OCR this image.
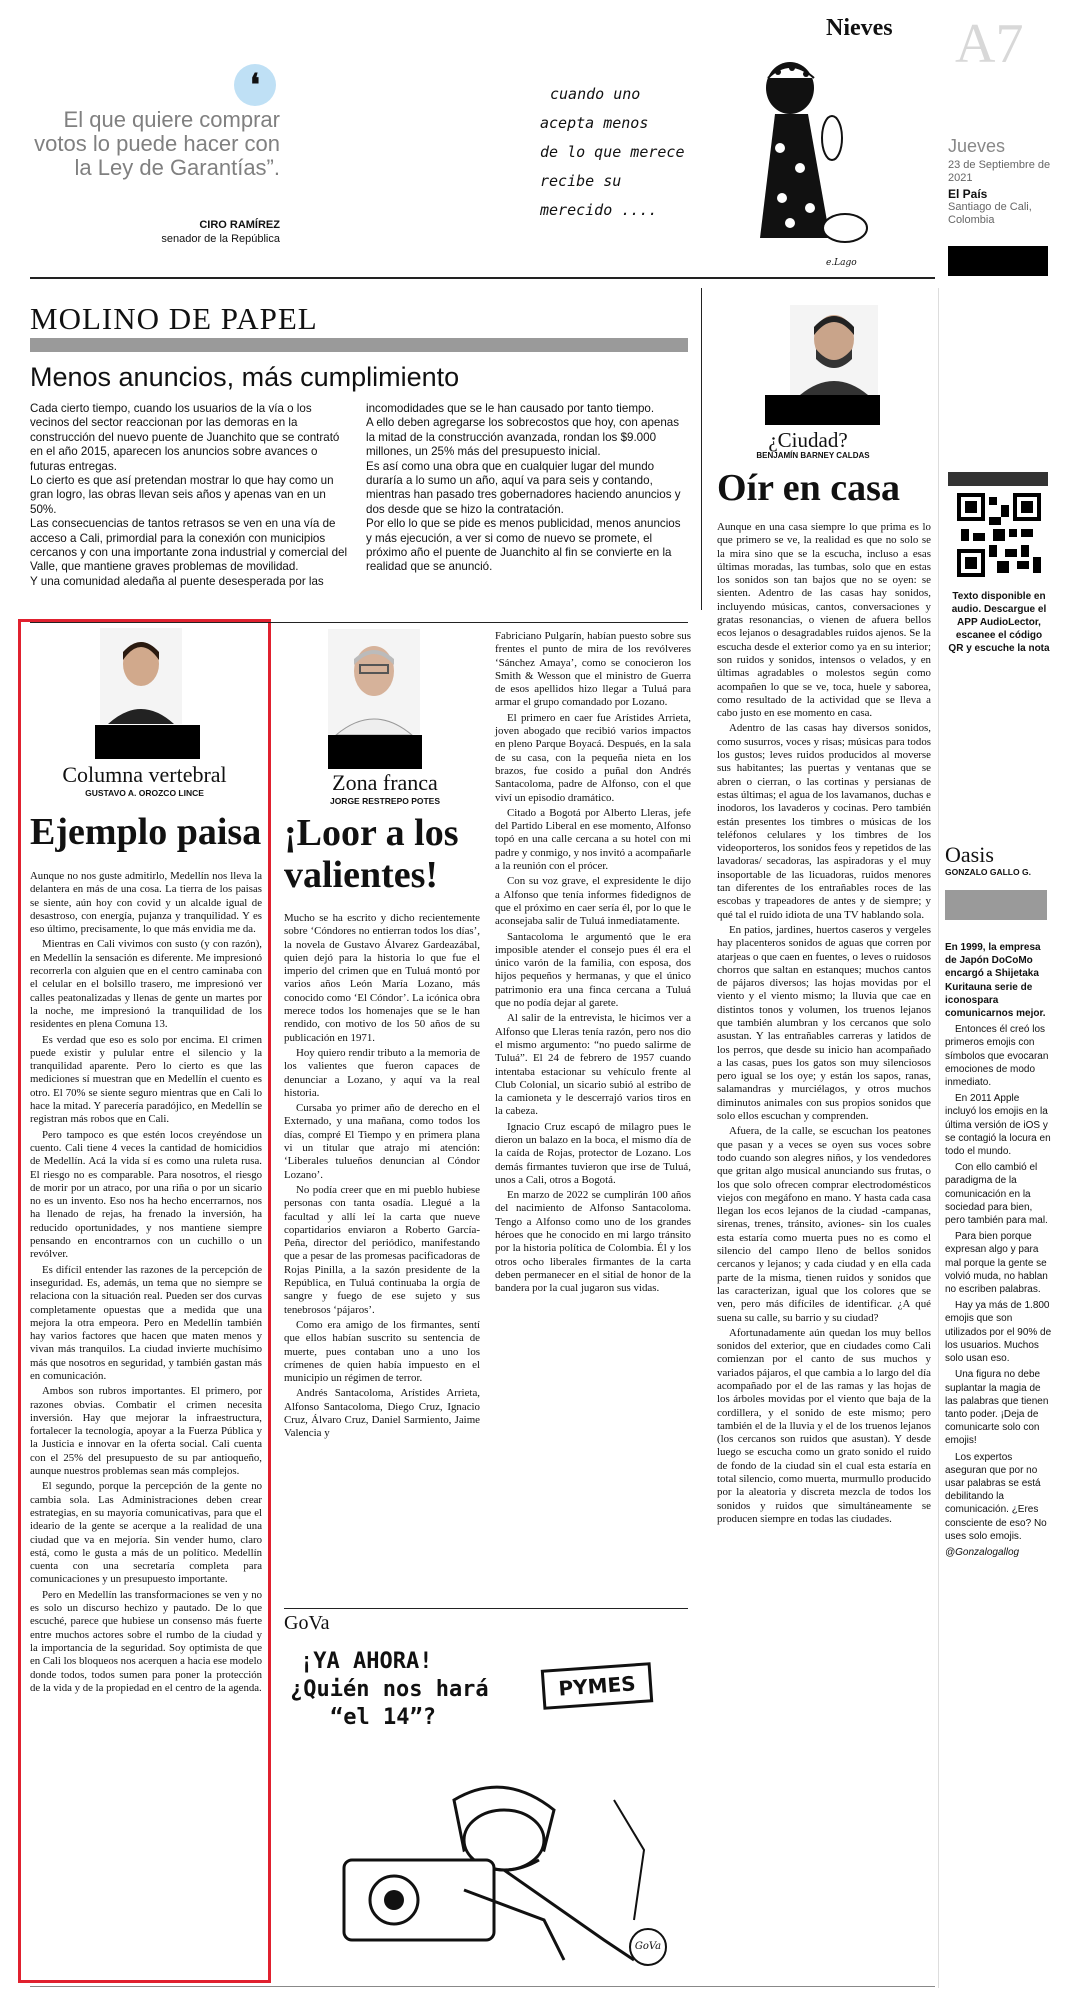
❛
El que quiere comprar votos lo puede hacer con la Ley de Garantías”.
CIRO RAMÍREZ
senador de la República
cuando uno
acepta menos
de lo que merece
recibe su
merecido ....
Nieves
e.Lago
A7
Jueves
23 de Septiembre de 2021
El País
Santiago de Cali, Colombia
MOLINO DE PAPEL
Menos anuncios, más cumplimiento
Cada cierto tiempo, cuando los usuarios de la vía o los vecinos del sector reaccionan por las demoras en la construcción del nuevo puente de Juanchito que se contrató en el año 2015, aparecen los anuncios sobre avances o futuras entregas.
Lo cierto es que así pretendan mostrar lo que hay como un gran logro, las obras llevan seis años y apenas van en un 50%.
Las consecuencias de tantos retrasos se ven en una vía de acceso a Cali, primordial para la conexión con municipios cercanos y con una importante zona industrial y comercial del Valle, que mantiene graves problemas de movilidad.
Y una comunidad aledaña al puente desesperada por las
incomodidades que se le han causado por tanto tiempo.
A ello deben agregarse los sobrecostos que hoy, con apenas la mitad de la construcción avanzada, rondan los $9.000 millones, un 25% más del presupuesto inicial.
Es así como una obra que en cualquier lugar del mundo duraría a lo sumo un año, aquí va para seis y contando, mientras han pasado tres gobernadores haciendo anuncios y dos desde que se hizo la contratación.
Por ello lo que se pide es menos publicidad, menos anuncios y más ejecución, a ver si como de nuevo se promete, el próximo año el puente de Juanchito al fin se convierte en la realidad que se anunció.
¿Ciudad?
BENJAMÍN BARNEY CALDAS
Oír en casa

Aunque en una casa siempre lo que prima es lo que primero se ve, la realidad es que no solo se la mira sino que se la escucha, incluso a esas últimas moradas, las tumbas, solo que en estas los sonidos son tan bajos que no se oyen: se sienten. Adentro de las casas hay sonidos, incluyendo músicas, cantos, conversaciones y gratas resonancias, o vienen de afuera bellos ecos lejanos o desagradables ruidos ajenos. Se la escucha desde el exterior como ya en su interior; son ruidos y sonidos, intensos o velados, y en últimas agradables o molestos según como acompañen lo que se ve, toca, huele y saborea, como resultado de la actividad que se lleva a cabo justo en ese momento en casa.

Adentro de las casas hay diversos sonidos, como susurros, voces y risas; músicas para todos los gustos; leves ruidos producidos al moverse sus habitantes; las puertas y ventanas que se abren o cierran, o las cortinas y persianas de estas últimas; el agua de los lavamanos, duchas e inodoros, los lavaderos y cocinas. Pero también están presentes los timbres o músicas de los teléfonos celulares y los timbres de los videoporteros, los sonidos feos y repetidos de las lavadoras/ secadoras, las aspiradoras y el muy insoportable de las licuadoras, ruidos menores tan diferentes de los entrañables roces de las escobas y trapeadores de antes y de siempre; y qué tal el ruido idiota de una TV hablando sola.

En patios, jardines, huertos caseros y vergeles hay placenteros sonidos de aguas que corren por atarjeas o que caen en fuentes, o leves o ruidosos chorros que saltan en estanques; muchos cantos de pájaros diversos; las hojas movidas por el viento y el viento mismo; la lluvia que cae en distintos tonos y volumen, los truenos lejanos que también alumbran y los cercanos que solo asustan. Y las entrañables carreras y latidos de los perros, que desde su inicio han acompañado a las casas, pues los gatos son muy silenciosos pero igual se los oye; y están los sapos, ranas, salamandras y murciélagos, y otros muchos diminutos animales con sus propios sonidos que solo ellos escuchan y comprenden.

Afuera, de la calle, se escuchan los peatones que pasan y a veces se oyen sus voces sobre todo cuando son alegres niños, y los vendedores que gritan algo musical anunciando sus frutas, o los que solo ofrecen comprar electrodomésticos viejos con megáfono en mano. Y hasta cada casa llegan los ecos lejanos de la ciudad -campanas, sirenas, trenes, tránsito, aviones- sin los cuales esta estaría como muerta pues no es como el silencio del campo lleno de bellos sonidos cercanos y lejanos; y cada ciudad y en ella cada parte de la misma, tienen ruidos y sonidos que las caracterizan, igual que los colores que se ven, pero más difíciles de identificar. ¿A qué suena su calle, su barrio y su ciudad?

Afortunadamente aún quedan los muy bellos sonidos del exterior, que en ciudades como Cali comienzan por el canto de sus muchos y variados pájaros, el que cambia a lo largo del día acompañado por el de las ramas y las hojas de los árboles movidas por el viento que baja de la cordillera, y el sonido de este mismo; pero también el de la lluvia y el de los truenos lejanos (los cercanos son ruidos que asustan). Y desde luego se escucha como un grato sonido el ruido de fondo de la ciudad sin el cual esta estaría en total silencio, como muerta, murmullo producido por la aleatoria y discreta mezcla de todos los sonidos y ruidos que simultáneamente se producen siempre en todas las ciudades.

Texto disponible en audio. Descargue el APP AudioLector, escanee el código QR y escuche la nota
Oasis
GONZALO GALLO G.

En 1999, la empresa de Japón DoCoMo encargó a Shijetaka Kuritauna serie de iconospara comunicarnos mejor.

Entonces él creó los primeros emojis con símbolos que evocaran emociones de modo inmediato.

En 2011 Apple incluyó los emojis en la última versión de iOS y se contagió la locura en todo el mundo.

Con ello cambió el paradigma de la comunicación en la sociedad para bien, pero también para mal.

Para bien porque expresan algo y para mal porque la gente se volvió muda, no hablan no escriben palabras.

Hay ya más de 1.800 emojis que son utilizados por el 90% de los usuarios. Muchos solo usan eso.

Una figura no debe suplantar la magia de las palabras que tienen tanto poder. ¡Deja de comunicarte solo con emojis!

Los expertos aseguran que por no usar palabras se está debilitando la comunicación. ¿Eres consciente de eso? No uses solo emojis.

@Gonzalogallog

Columna vertebral
GUSTAVO A. OROZCO LINCE
Ejemplo paisa

Aunque no nos guste admitirlo, Medellín nos lleva la delantera en más de una cosa. La tierra de los paisas se siente, aún hoy con covid y un alcalde igual de desastroso, con energía, pujanza y tranquilidad. Y es eso último, precisamente, lo que más envidia me da.

Mientras en Cali vivimos con susto (y con razón), en Medellín la sensación es diferente. Me impresionó recorrerla con alguien que en el centro caminaba con el celular en el bolsillo trasero, me impresionó ver calles peatonalizadas y llenas de gente un martes por la noche, me impresionó la tranquilidad de los residentes en plena Comuna 13.

Es verdad que eso es solo por encima. El crimen puede existir y pulular entre el silencio y la tranquilidad aparente. Pero lo cierto es que las mediciones sí muestran que en Medellín el cuento es otro. El 70% se siente seguro mientras que en Cali lo hace la mitad. Y parecería paradójico, en Medellín se registran más robos que en Cali.

Pero tampoco es que estén locos creyéndose un cuento. Cali tiene 4 veces la cantidad de homicidios de Medellín. Acá la vida sí es como una ruleta rusa. El riesgo no es comparable. Para nosotros, el riesgo de morir por un atraco, por una riña o por un sicario no es un invento. Eso nos ha hecho encerrarnos, nos ha llenado de rejas, ha frenado la inversión, ha reducido oportunidades, y nos mantiene siempre pensando en encontrarnos con un cuchillo o un revólver.

Es difícil entender las razones de la percepción de inseguridad. Es, además, un tema que no siempre se relaciona con la situación real. Pueden ser dos curvas completamente opuestas que a medida que una mejora la otra empeora. Pero en Medellín también hay varios factores que hacen que maten menos y vivan más tranquilos. La ciudad invierte muchísimo más que nosotros en seguridad, y también gastan más en comunicación.

Ambos son rubros importantes. El primero, por razones obvias. Combatir el crimen necesita inversión. Hay que mejorar la infraestructura, fortalecer la tecnología, apoyar a la Fuerza Pública y la Justicia e innovar en la oferta social. Cali cuenta con el 25% del presupuesto de su par antioqueño, aunque nuestros problemas sean más complejos.

El segundo, porque la percepción de la gente no cambia sola. Las Administraciones deben crear estrategias, en su mayoría comunicativas, para que el ideario de la gente se acerque a la realidad de una ciudad que va en mejoría. Sin vender humo, claro está, como le gusta a más de un político. Medellín cuenta con una secretaría completa para comunicaciones y un presupuesto importante.

Pero en Medellín las transformaciones se ven y no es solo un discurso hechizo y pautado. De lo que escuché, parece que hubiese un consenso más fuerte entre muchos actores sobre el rumbo de la ciudad y la importancia de la seguridad. Soy optimista de que en Cali los bloqueos nos acerquen a hacia ese modelo donde todos, todos sumen para poner la protección de la vida y de la propiedad en el centro de la agenda.

Zona franca
JORGE RESTREPO POTES
¡Loor a los valientes!

Mucho se ha escrito y dicho recientemente sobre ‘Cóndores no entierran todos los días’, la novela de Gustavo Álvarez Gardeazábal, quien dejó para la historia lo que fue el imperio del crimen que en Tuluá montó por varios años León María Lozano, más conocido como ‘El Cóndor’. La icónica obra merece todos los homenajes que se le han rendido, con motivo de los 50 años de su publicación en 1971.

Hoy quiero rendir tributo a la memoria de los valientes que fueron capaces de denunciar a Lozano, y aquí va la real historia.

Cursaba yo primer año de derecho en el Externado, y una mañana, como todos los días, compré El Tiempo y en primera plana vi un titular que atrajo mi atención: ‘Liberales tulueños denuncian al Cóndor Lozano’.

No podía creer que en mi pueblo hubiese personas con tanta osadía. Llegué a la facultad y allí leí la carta que nueve copartidarios enviaron a Roberto García-Peña, director del periódico, manifestando que a pesar de las promesas pacificadoras de Rojas Pinilla, a la sazón presidente de la República, en Tuluá continuaba la orgía de sangre y fuego de ese sujeto y sus tenebrosos ‘pájaros’.

Como era amigo de los firmantes, sentí que ellos habían suscrito su sentencia de muerte, pues contaban uno a uno los crímenes de quien había impuesto en el municipio un régimen de terror.

Andrés Santacoloma, Arístides Arrieta, Alfonso Santacoloma, Diego Cruz, Ignacio Cruz, Álvaro Cruz, Daniel Sarmiento, Jaime Valencia y

Fabriciano Pulgarín, habían puesto sobre sus frentes el punto de mira de los revólveres ‘Sánchez Amaya’, como se conocieron los Smith & Wesson que el ministro de Guerra de esos apellidos hizo llegar a Tuluá para armar el grupo comandado por Lozano.

El primero en caer fue Arístides Arrieta, joven abogado que recibió varios impactos en pleno Parque Boyacá. Después, en la sala de su casa, con la pequeña nieta en los brazos, fue cosido a puñal don Andrés Santacoloma, padre de Alfonso, con el que viví un episodio dramático.

Citado a Bogotá por Alberto Lleras, jefe del Partido Liberal en ese momento, Alfonso topó en una calle cercana a su hotel con mi padre y conmigo, y nos invitó a acompañarle a la reunión con el prócer.

Con su voz grave, el expresidente le dijo a Alfonso que tenía informes fidedignos de que el próximo en caer sería él, por lo que le aconsejaba salir de Tuluá inmediatamente.

Santacoloma le argumentó que le era imposible atender el consejo pues él era el único varón de la familia, con esposa, dos hijos pequeños y hermanas, y que el único patrimonio era una finca cercana a Tuluá que no podía dejar al garete.

Al salir de la entrevista, le hicimos ver a Alfonso que Lleras tenía razón, pero nos dio el mismo argumento: “no puedo salirme de Tuluá”. El 24 de febrero de 1957 cuando intentaba estacionar su vehículo frente al Club Colonial, un sicario subió al estribo de la camioneta y le descerrajó varios tiros en la cabeza.

Ignacio Cruz escapó de milagro pues le dieron un balazo en la boca, el mismo día de la caída de Rojas, protector de Lozano. Los demás firmantes tuvieron que irse de Tuluá, unos a Cali, otros a Bogotá.

En marzo de 2022 se cumplirán 100 años del nacimiento de Alfonso Santacoloma. Tengo a Alfonso como uno de los grandes héroes que he conocido en mi largo tránsito por la historia política de Colombia. Él y los otros ocho liberales firmantes de la carta deben permanecer en el sitial de honor de la bandera por la cual jugaron sus vidas.

GoVa
¡YA AHORA!
¿Quién nos hará
“el 14”?
PYMES
GoVa
